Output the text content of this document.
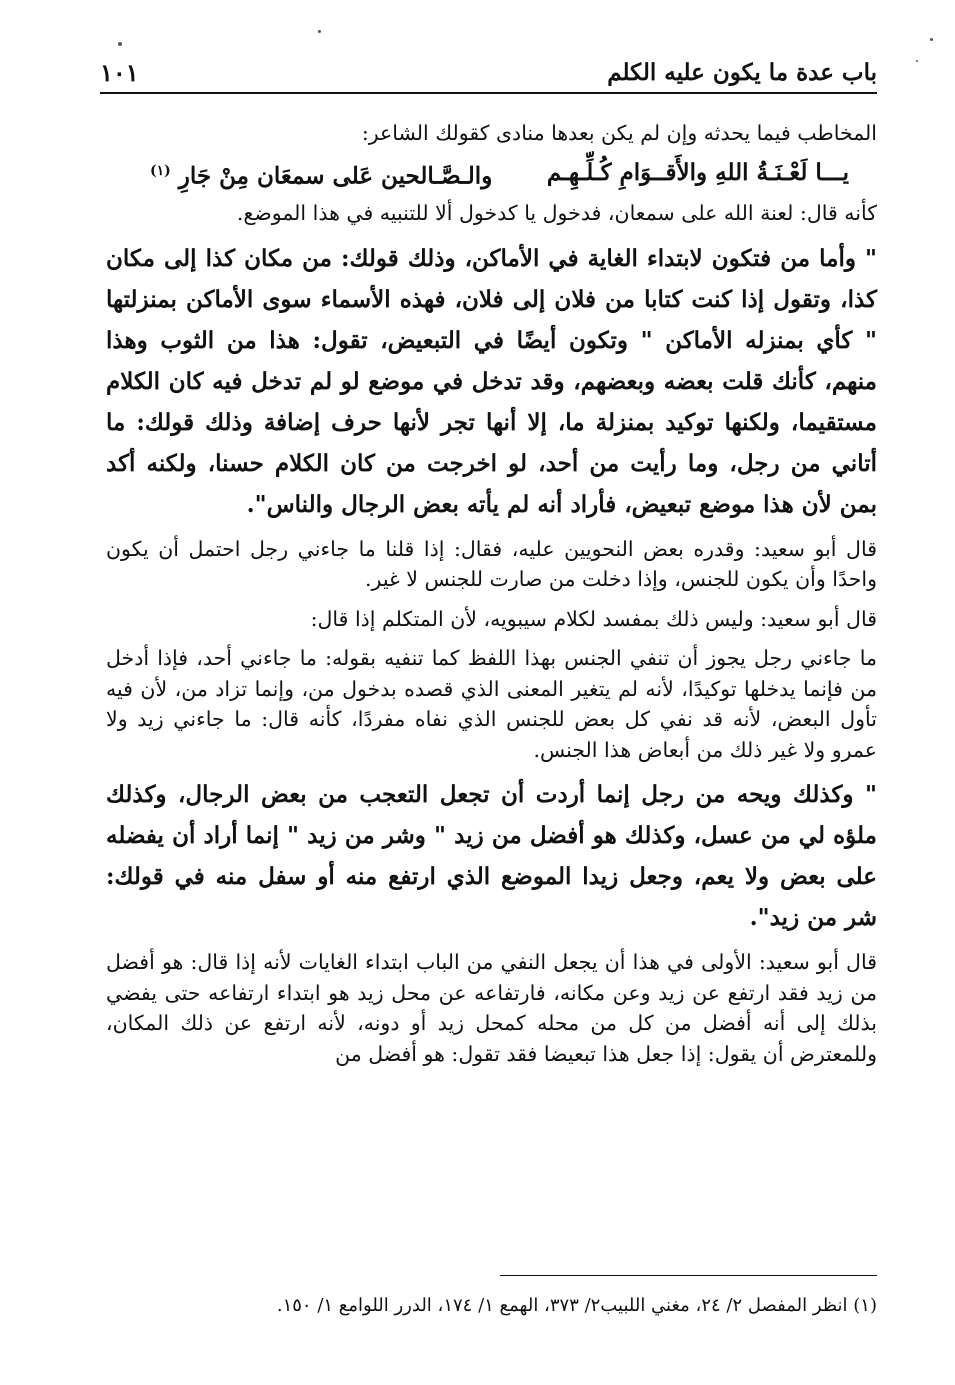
باب عدة ما يكون عليه الكلم
١٠١

المخاطب فيما يحدثه وإن لم يكن بعدها منادى كقولك الشاعر:

يـــا لَعْـنَـةُ اللهِ والأَقــوَامِ كُـلِّـهِـم
والـصَّـالحين عَلى سمعَان مِنْ جَارِ $^{(١)}$

كأنه قال: لعنة الله على سمعان، فدخول يا كدخول ألا للتنبيه في هذا الموضع.

" وأما من فتكون لابتداء الغاية في الأماكن، وذلك قولك: من مكان كذا إلى مكان كذا، وتقول إذا كنت كتابا من فلان إلى فلان، فهذه الأسماء سوى الأماكن بمنزلتها " كأي بمنزله الأماكن " وتكون أيضًا في التبعيض، تقول: هذا من الثوب وهذا منهم، كأنك قلت بعضه وبعضهم، وقد تدخل في موضع لو لم تدخل فيه كان الكلام مستقيما، ولكنها توكيد بمنزلة ما، إلا أنها تجر لأنها حرف إضافة وذلك قولك: ما أتاني من رجل، وما رأيت من أحد، لو اخرجت من كان الكلام حسنا، ولكنه أكد بمن لأن هذا موضع تبعيض، فأراد أنه لم يأته بعض الرجال والناس".

قال أبو سعيد: وقدره بعض النحويين عليه، فقال: إذا قلنا ما جاءني رجل احتمل أن يكون واحدًا وأن يكون للجنس، وإذا دخلت من صارت للجنس لا غير.

قال أبو سعيد: وليس ذلك بمفسد لكلام سيبويه، لأن المتكلم إذا قال:

ما جاءني رجل يجوز أن تنفي الجنس بهذا اللفظ كما تنفيه بقوله: ما جاءني أحد، فإذا أدخل من فإنما يدخلها توكيدًا، لأنه لم يتغير المعنى الذي قصده بدخول من، وإنما تزاد من، لأن فيه تأول البعض، لأنه قد نفي كل بعض للجنس الذي نفاه مفردًا، كأنه قال: ما جاءني زيد ولا عمرو ولا غير ذلك من أبعاض هذا الجنس.

" وكذلك ويحه من رجل إنما أردت أن تجعل التعجب من بعض الرجال، وكذلك ملؤه لي من عسل، وكذلك هو أفضل من زيد " وشر من زيد " إنما أراد أن يفضله على بعض ولا يعم، وجعل زيدا الموضع الذي ارتفع منه أو سفل منه في قولك: شر من زيد".

قال أبو سعيد: الأولى في هذا أن يجعل النفي من الباب ابتداء الغايات لأنه إذا قال: هو أفضل من زيد فقد ارتفع عن زيد وعن مكانه، فارتفاعه عن محل زيد هو ابتداء ارتفاعه حتى يفضي بذلك إلى أنه أفضل من كل من محله كمحل زيد أو دونه، لأنه ارتفع عن ذلك المكان، وللمعترض أن يقول: إذا جعل هذا تبعيضا فقد تقول: هو أفضل من

(١) انظر المفصل ٢/ ٢٤، مغني اللبيب٢/ ٣٧٣، الهمع ١/ ١٧٤، الدرر اللوامع ١/ ١٥٠.
